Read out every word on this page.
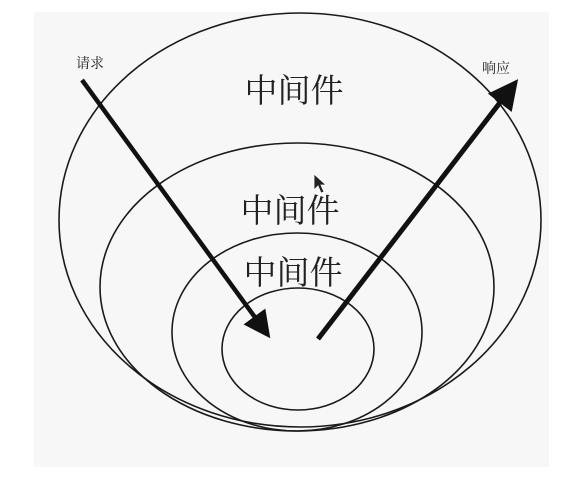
中间件
中间件
中间件
请求	响应
